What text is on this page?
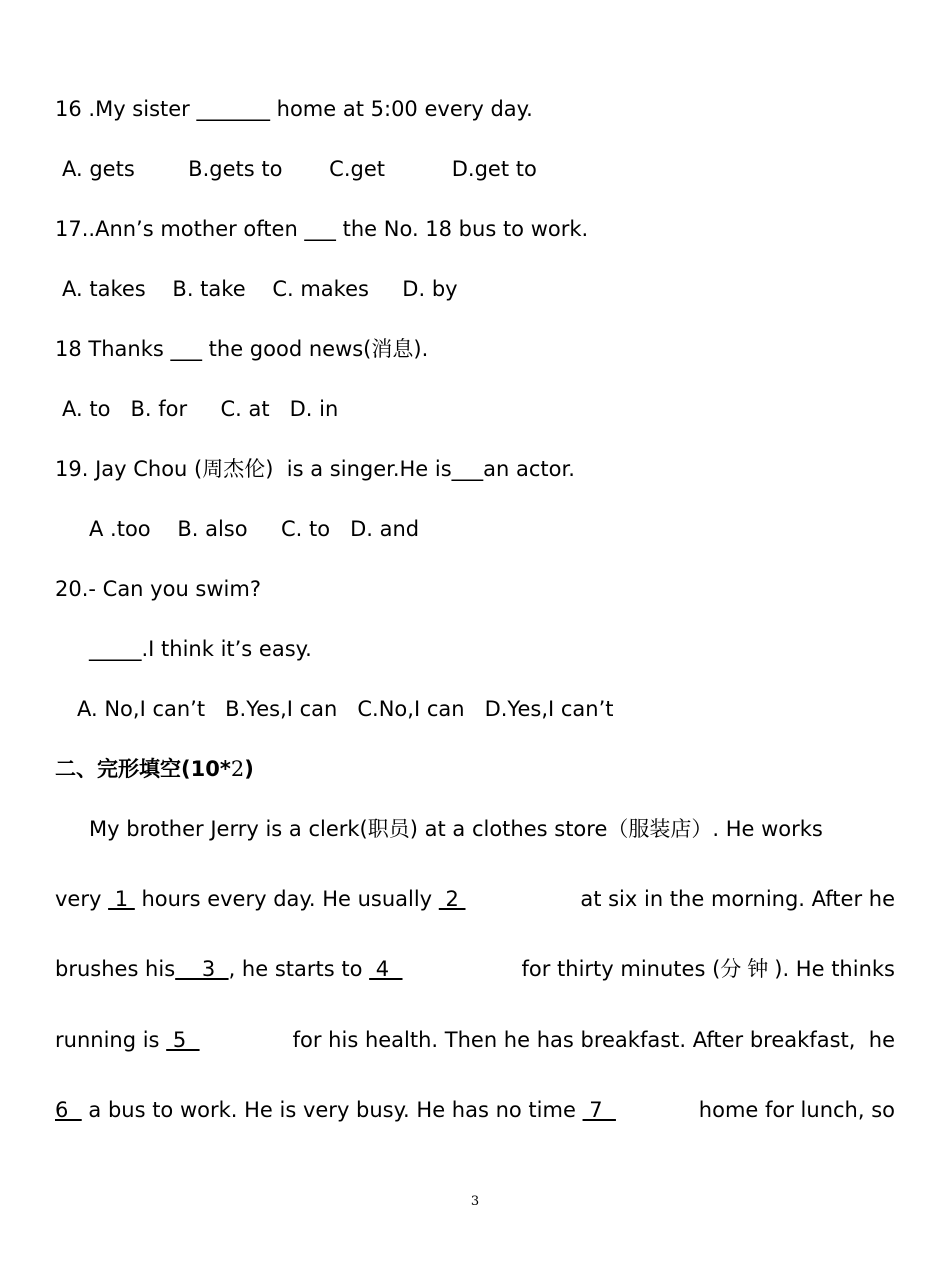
16 .My sister _______ home at 5:00 every day.
A. gets        B.gets to       C.get          D.get to
17..Ann’s mother often ___ the No. 18 bus to work.
A. takes    B. take    C. makes     D. by
18 Thanks ___ the good news(消息).
A. to   B. for     C. at   D. in
19. Jay Chou (周杰伦)  is a singer.He is___an actor.
A .too    B. also     C. to   D. and
20.- Can you swim?
_____.I think it’s easy.
A. No,I can’t   B.Yes,I can   C.No,I can   D.Yes,I can’t
二、完形填空(10*2)
My brother Jerry is a clerk(职员) at a clothes store（服装店）. He works
very  1  hours every day. He usually  2	at six in the morning. After he
brushes his    3  , he starts to  4	for thirty minutes (分钟). He thinks
running is  5	for his health. Then he has breakfast. After breakfast,  he
6   a bus to work. He is very busy. He has no time  7	home for lunch, so
3
